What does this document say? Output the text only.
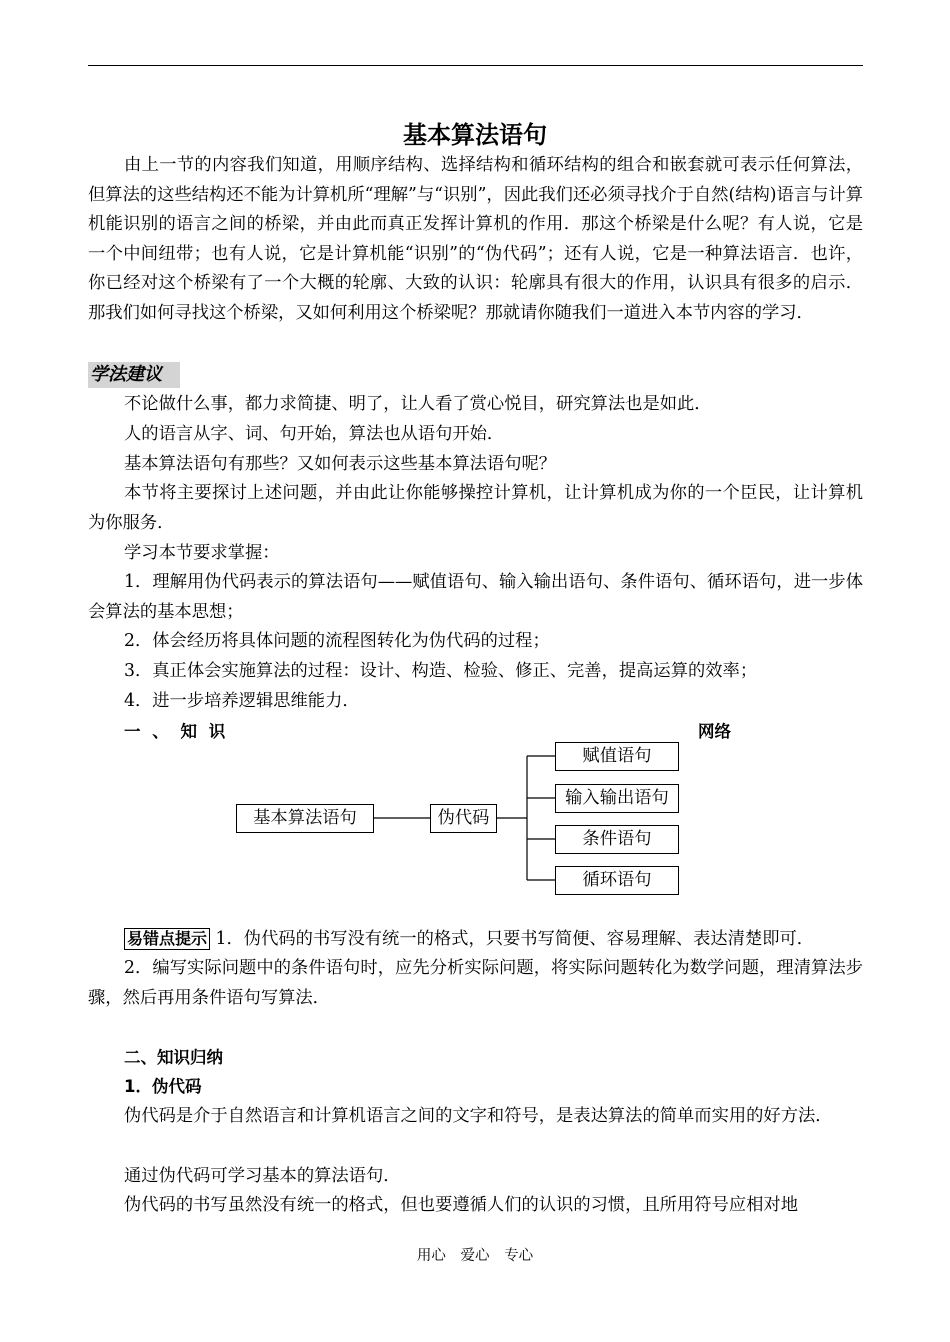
基本算法语句
由上一节的内容我们知道，用顺序结构、选择结构和循环结构的组合和嵌套就可表示任何算法，但算法的这些结构还不能为计算机所“理解”与“识别”，因此我们还必须寻找介于自然(结构)语言与计算机能识别的语言之间的桥梁，并由此而真正发挥计算机的作用．那这个桥梁是什么呢？有人说，它是一个中间纽带；也有人说，它是计算机能“识别”的“伪代码”；还有人说，它是一种算法语言．也许，你已经对这个桥梁有了一个大概的轮廓、大致的认识：轮廓具有很大的作用，认识具有很多的启示．那我们如何寻找这个桥梁，又如何利用这个桥梁呢？那就请你随我们一道进入本节内容的学习．
学法建议
不论做什么事，都力求简捷、明了，让人看了赏心悦目，研究算法也是如此．
人的语言从字、词、句开始，算法也从语句开始．
基本算法语句有那些？又如何表示这些基本算法语句呢？
本节将主要探讨上述问题，并由此让你能够操控计算机，让计算机成为你的一个臣民，让计算机为你服务．
学习本节要求掌握：
1．理解用伪代码表示的算法语句——赋值语句、输入输出语句、条件语句、循环语句，进一步体会算法的基本思想；
2．体会经历将具体问题的流程图转化为伪代码的过程；
3．真正体会实施算法的过程：设计、构造、检验、修正、完善，提高运算的效率；
4．进一步培养逻辑思维能力．
一 、 知 识	网络
基本算法语句	伪代码
赋值语句
输入输出语句
条件语句
循环语句
易错点提示 1．伪代码的书写没有统一的格式，只要书写简便、容易理解、表达清楚即可．
2．编写实际问题中的条件语句时，应先分析实际问题，将实际问题转化为数学问题，理清算法步骤，然后再用条件语句写算法．
二、知识归纳
1．伪代码
伪代码是介于自然语言和计算机语言之间的文字和符号，是表达算法的简单而实用的好方法．
通过伪代码可学习基本的算法语句．
伪代码的书写虽然没有统一的格式，但也要遵循人们的认识的习惯，且所用符号应相对地
用心 爱心 专心
